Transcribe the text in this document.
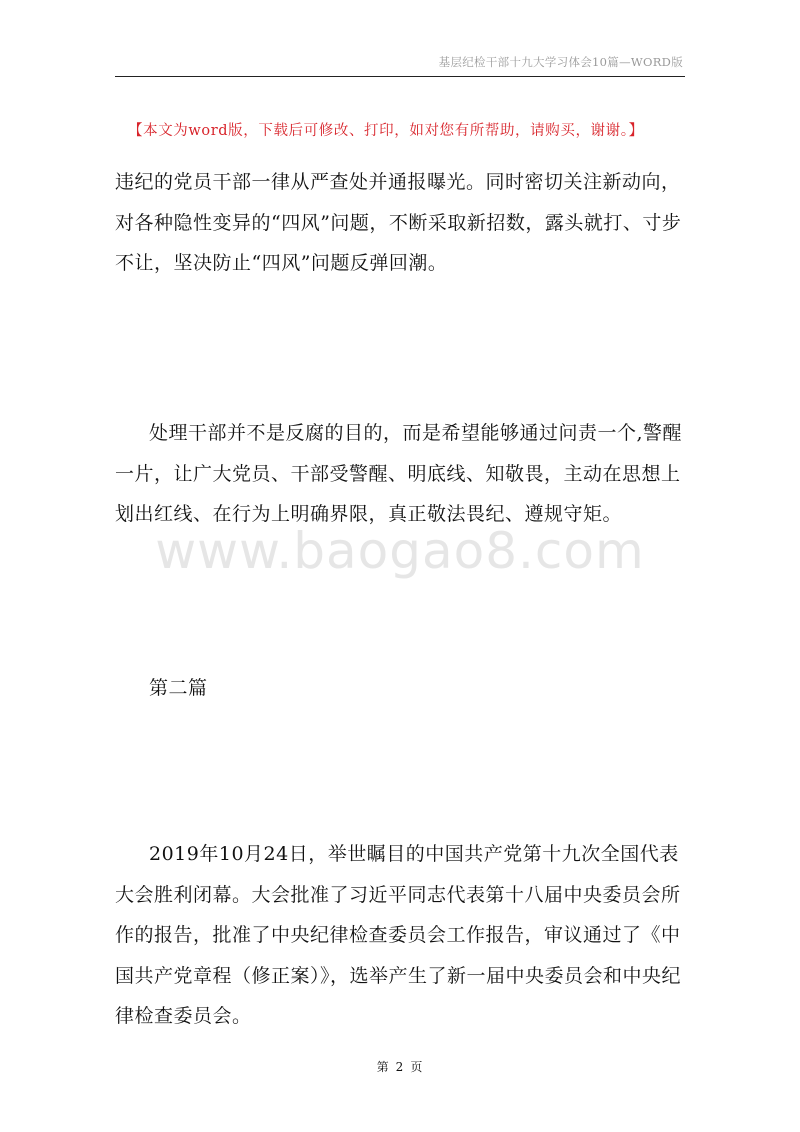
基层纪检干部十九大学习体会10篇—WORD版
【本文为word版，下载后可修改、打印，如对您有所帮助，请购买，谢谢。】
www.baogao8.com

违纪的党员干部一律从严查处并通报曝光。同时密切关注新动向，对各种隐性变异的“四风”问题，不断采取新招数，露头就打、寸步不让，坚决防止“四风”问题反弹回潮。

处理干部并不是反腐的目的，而是希望能够通过问责一个,警醒一片，让广大党员、干部受警醒、明底线、知敬畏，主动在思想上划出红线、在行为上明确界限，真正敬法畏纪、遵规守矩。

第二篇

2019年10月24日，举世瞩目的中国共产党第十九次全国代表大会胜利闭幕。大会批准了习近平同志代表第十八届中央委员会所作的报告，批准了中央纪律检查委员会工作报告，审议通过了《中国共产党章程（修正案）》，选举产生了新一届中央委员会和中央纪律检查委员会。

第 2 页
